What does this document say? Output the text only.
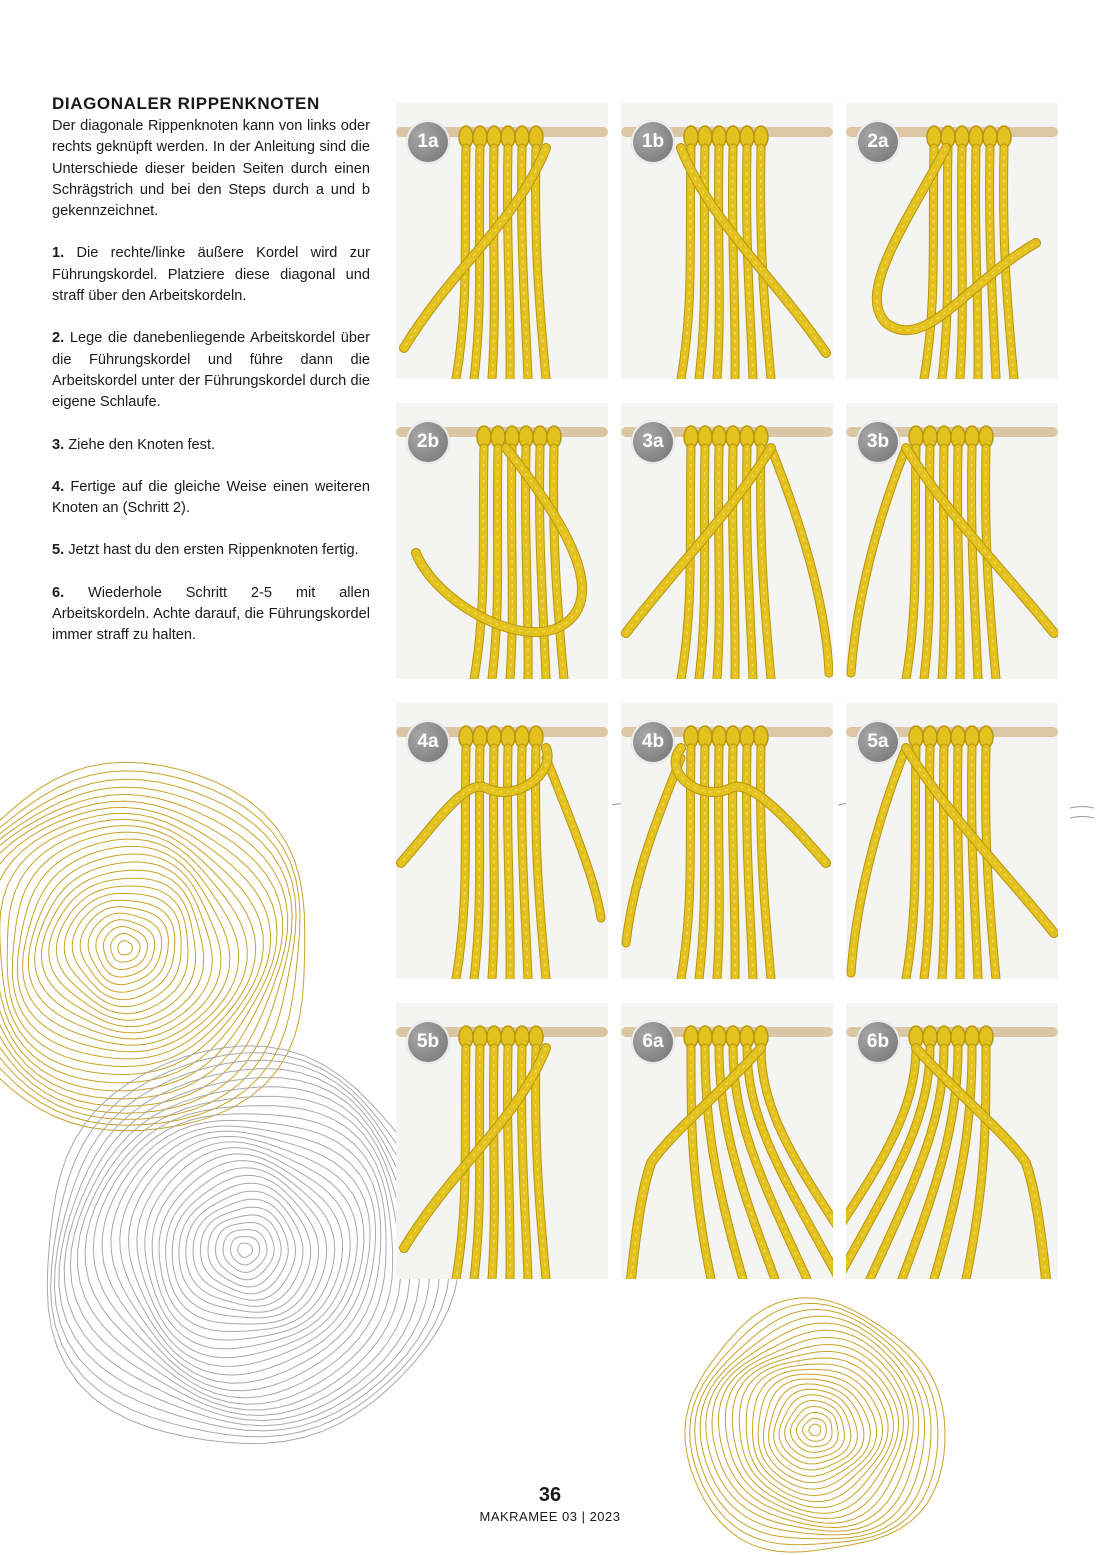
DIAGONALER RIPPENKNOTEN

Der diagonale Rippenknoten kann von links oder rechts geknüpft werden. In der Anleitung sind die Unterschiede dieser beiden Seiten durch einen Schrägstrich und bei den Steps durch a und b gekennzeichnet.

1. Die rechte/linke äußere Kordel wird zur Führungskordel. Platziere diese diagonal und straff über den Arbeitskordeln.

2. Lege die danebenliegende Arbeitskordel über die Führungskordel und führe dann die Arbeitskordel unter der Führungskordel durch die eigene Schlaufe.

3. Ziehe den Knoten fest.

4. Fertige auf die gleiche Weise einen weiteren Knoten an (Schritt 2).

5. Jetzt hast du den ersten Rippenknoten fertig.

6. Wiederhole Schritt 2-5 mit allen Arbeitskordeln. Achte darauf, die Führungskordel immer straff zu halten.

1a	1b	2a
2b	3a	3b
4a	4b	5a
5b	6a	6b
36
MAKRAMEE 03 | 2023
